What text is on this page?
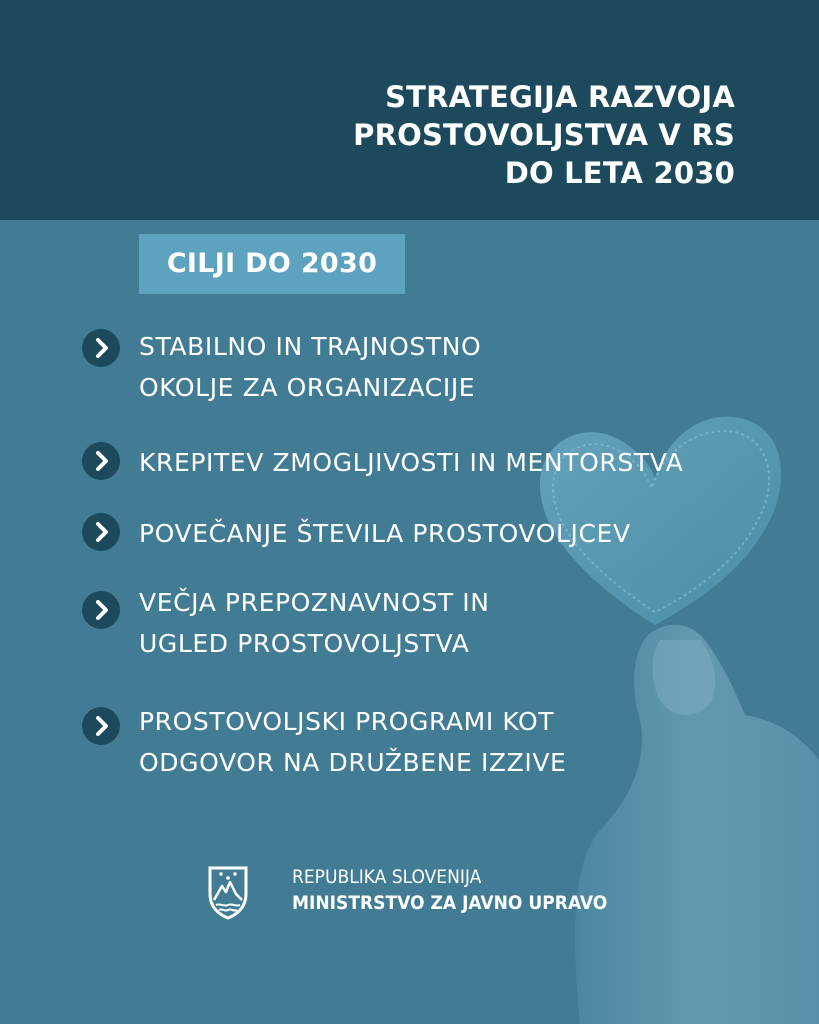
STRATEGIJA RAZVOJA
PROSTOVOLJSTVA V RS
DO LETA 2030
CILJI DO 2030
STABILNO IN TRAJNOSTNO
OKOLJE ZA ORGANIZACIJE
KREPITEV ZMOGLJIVOSTI IN MENTORSTVA
POVEČANJE ŠTEVILA PROSTOVOLJCEV
VEČJA PREPOZNAVNOST IN
UGLED PROSTOVOLJSTVA
PROSTOVOLJSKI PROGRAMI KOT
ODGOVOR NA DRUŽBENE IZZIVE
REPUBLIKA SLOVENIJA
MINISTRSTVO ZA JAVNO UPRAVO
